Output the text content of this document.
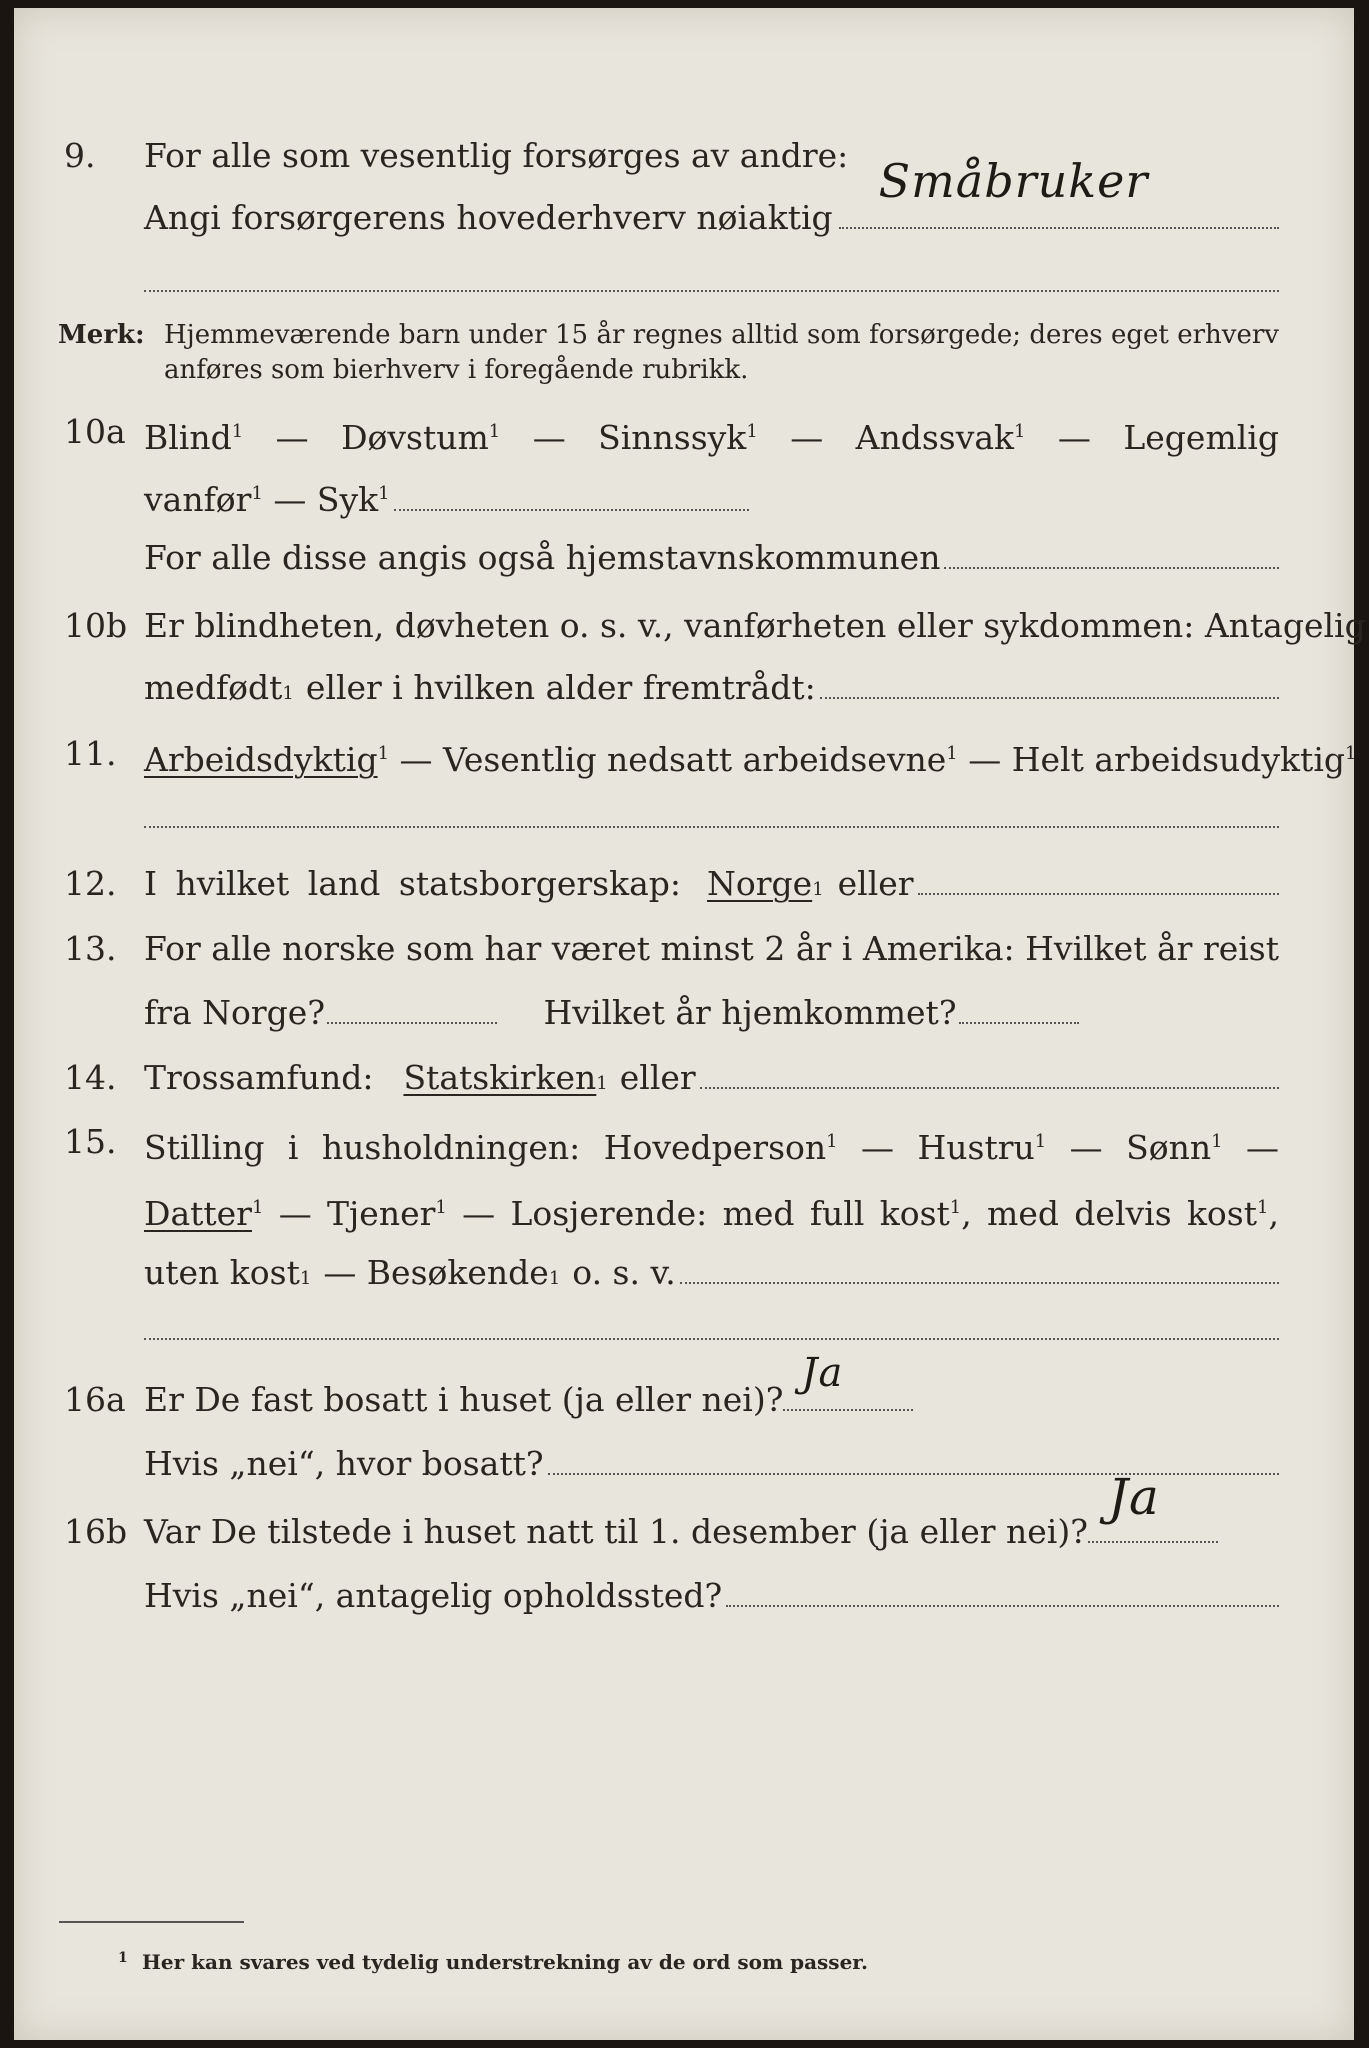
9. For alle som vesentlig forsørges av andre:
Angi forsørgerens hovederhverv nøiaktig
Småbruker
Merk: Hjemmeværende barn under 15 år regnes alltid som forsørgede; deres eget erhverv
anføres som bierhverv i foregående rubrikk.
10a Blind$^1$ — Døvstum$^1$ — Sinnssyk$^1$ — Andssvak$^1$ — Legemlig
vanfør$^1$ — Syk$^1$
For alle disse angis også hjemstavnskommunen
10b Er blindheten, døvheten o. s. v., vanførheten eller sykdommen: Antagelig
medfødt 1 eller i hvilken alder fremtrådt:
11. Arbeidsdyktig$^1$ — Vesentlig nedsatt arbeidsevne$^1$ — Helt arbeidsudyktig$^1$
12. I hvilket land statsborgerskap: Norge 1 eller
13. For alle norske som har været minst 2 år i Amerika: Hvilket år reist
fra Norge?	Hvilket år hjemkommet?
14. Trossamfund: Statskirken 1 eller
15. Stilling i husholdningen: Hovedperson$^1$ — Hustru$^1$ — Sønn$^1$ —
Datter$^1$ — Tjener$^1$ — Losjerende: med full kost$^1$, med delvis kost$^1$,
uten kost 1 — Besøkende 1 o. s. v.
16a Er De fast bosatt i huset (ja eller nei)?
Ja
Hvis „nei“, hvor bosatt?
16b Var De tilstede i huset natt til 1. desember (ja eller nei)?
Ja
Hvis „nei“, antagelig opholdssted?
1 Her kan svares ved tydelig understrekning av de ord som passer.
